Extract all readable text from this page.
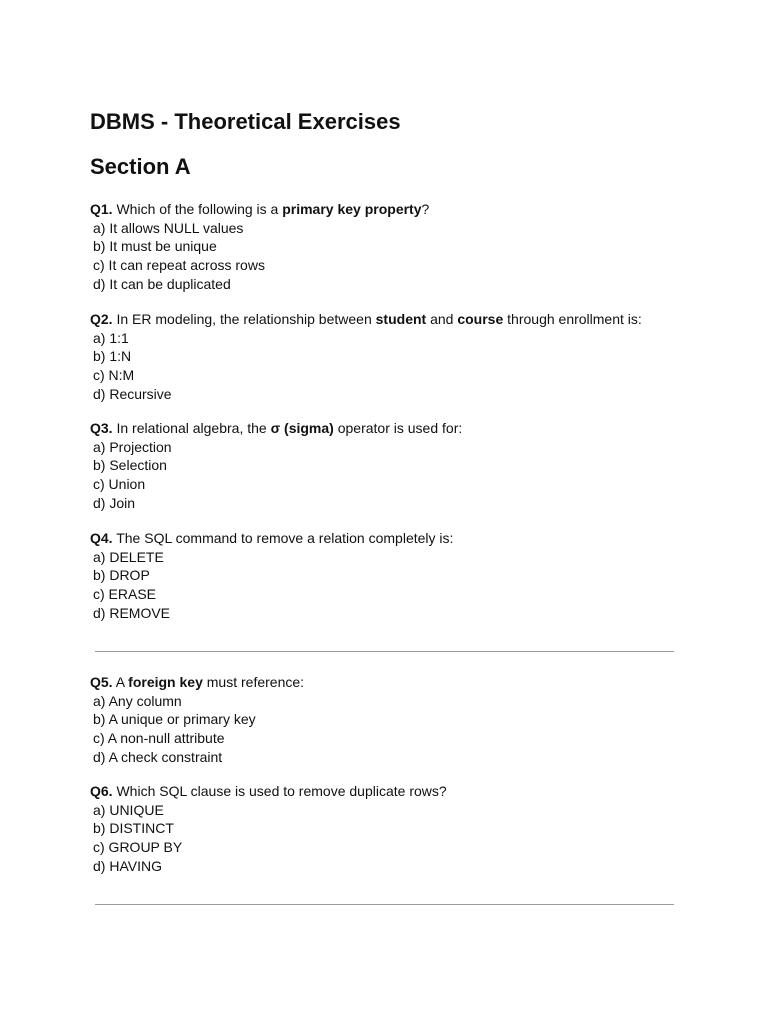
DBMS - Theoretical Exercises
Section A
Q1. Which of the following is a primary key property?
a) It allows NULL values
b) It must be unique
c) It can repeat across rows
d) It can be duplicated
Q2. In ER modeling, the relationship between student and course through enrollment is:
a) 1:1
b) 1:N
c) N:M
d) Recursive
Q3. In relational algebra, the σ (sigma) operator is used for:
a) Projection
b) Selection
c) Union
d) Join
Q4. The SQL command to remove a relation completely is:
a) DELETE
b) DROP
c) ERASE
d) REMOVE
Q5. A foreign key must reference:
a) Any column
b) A unique or primary key
c) A non-null attribute
d) A check constraint
Q6. Which SQL clause is used to remove duplicate rows?
a) UNIQUE
b) DISTINCT
c) GROUP BY
d) HAVING
